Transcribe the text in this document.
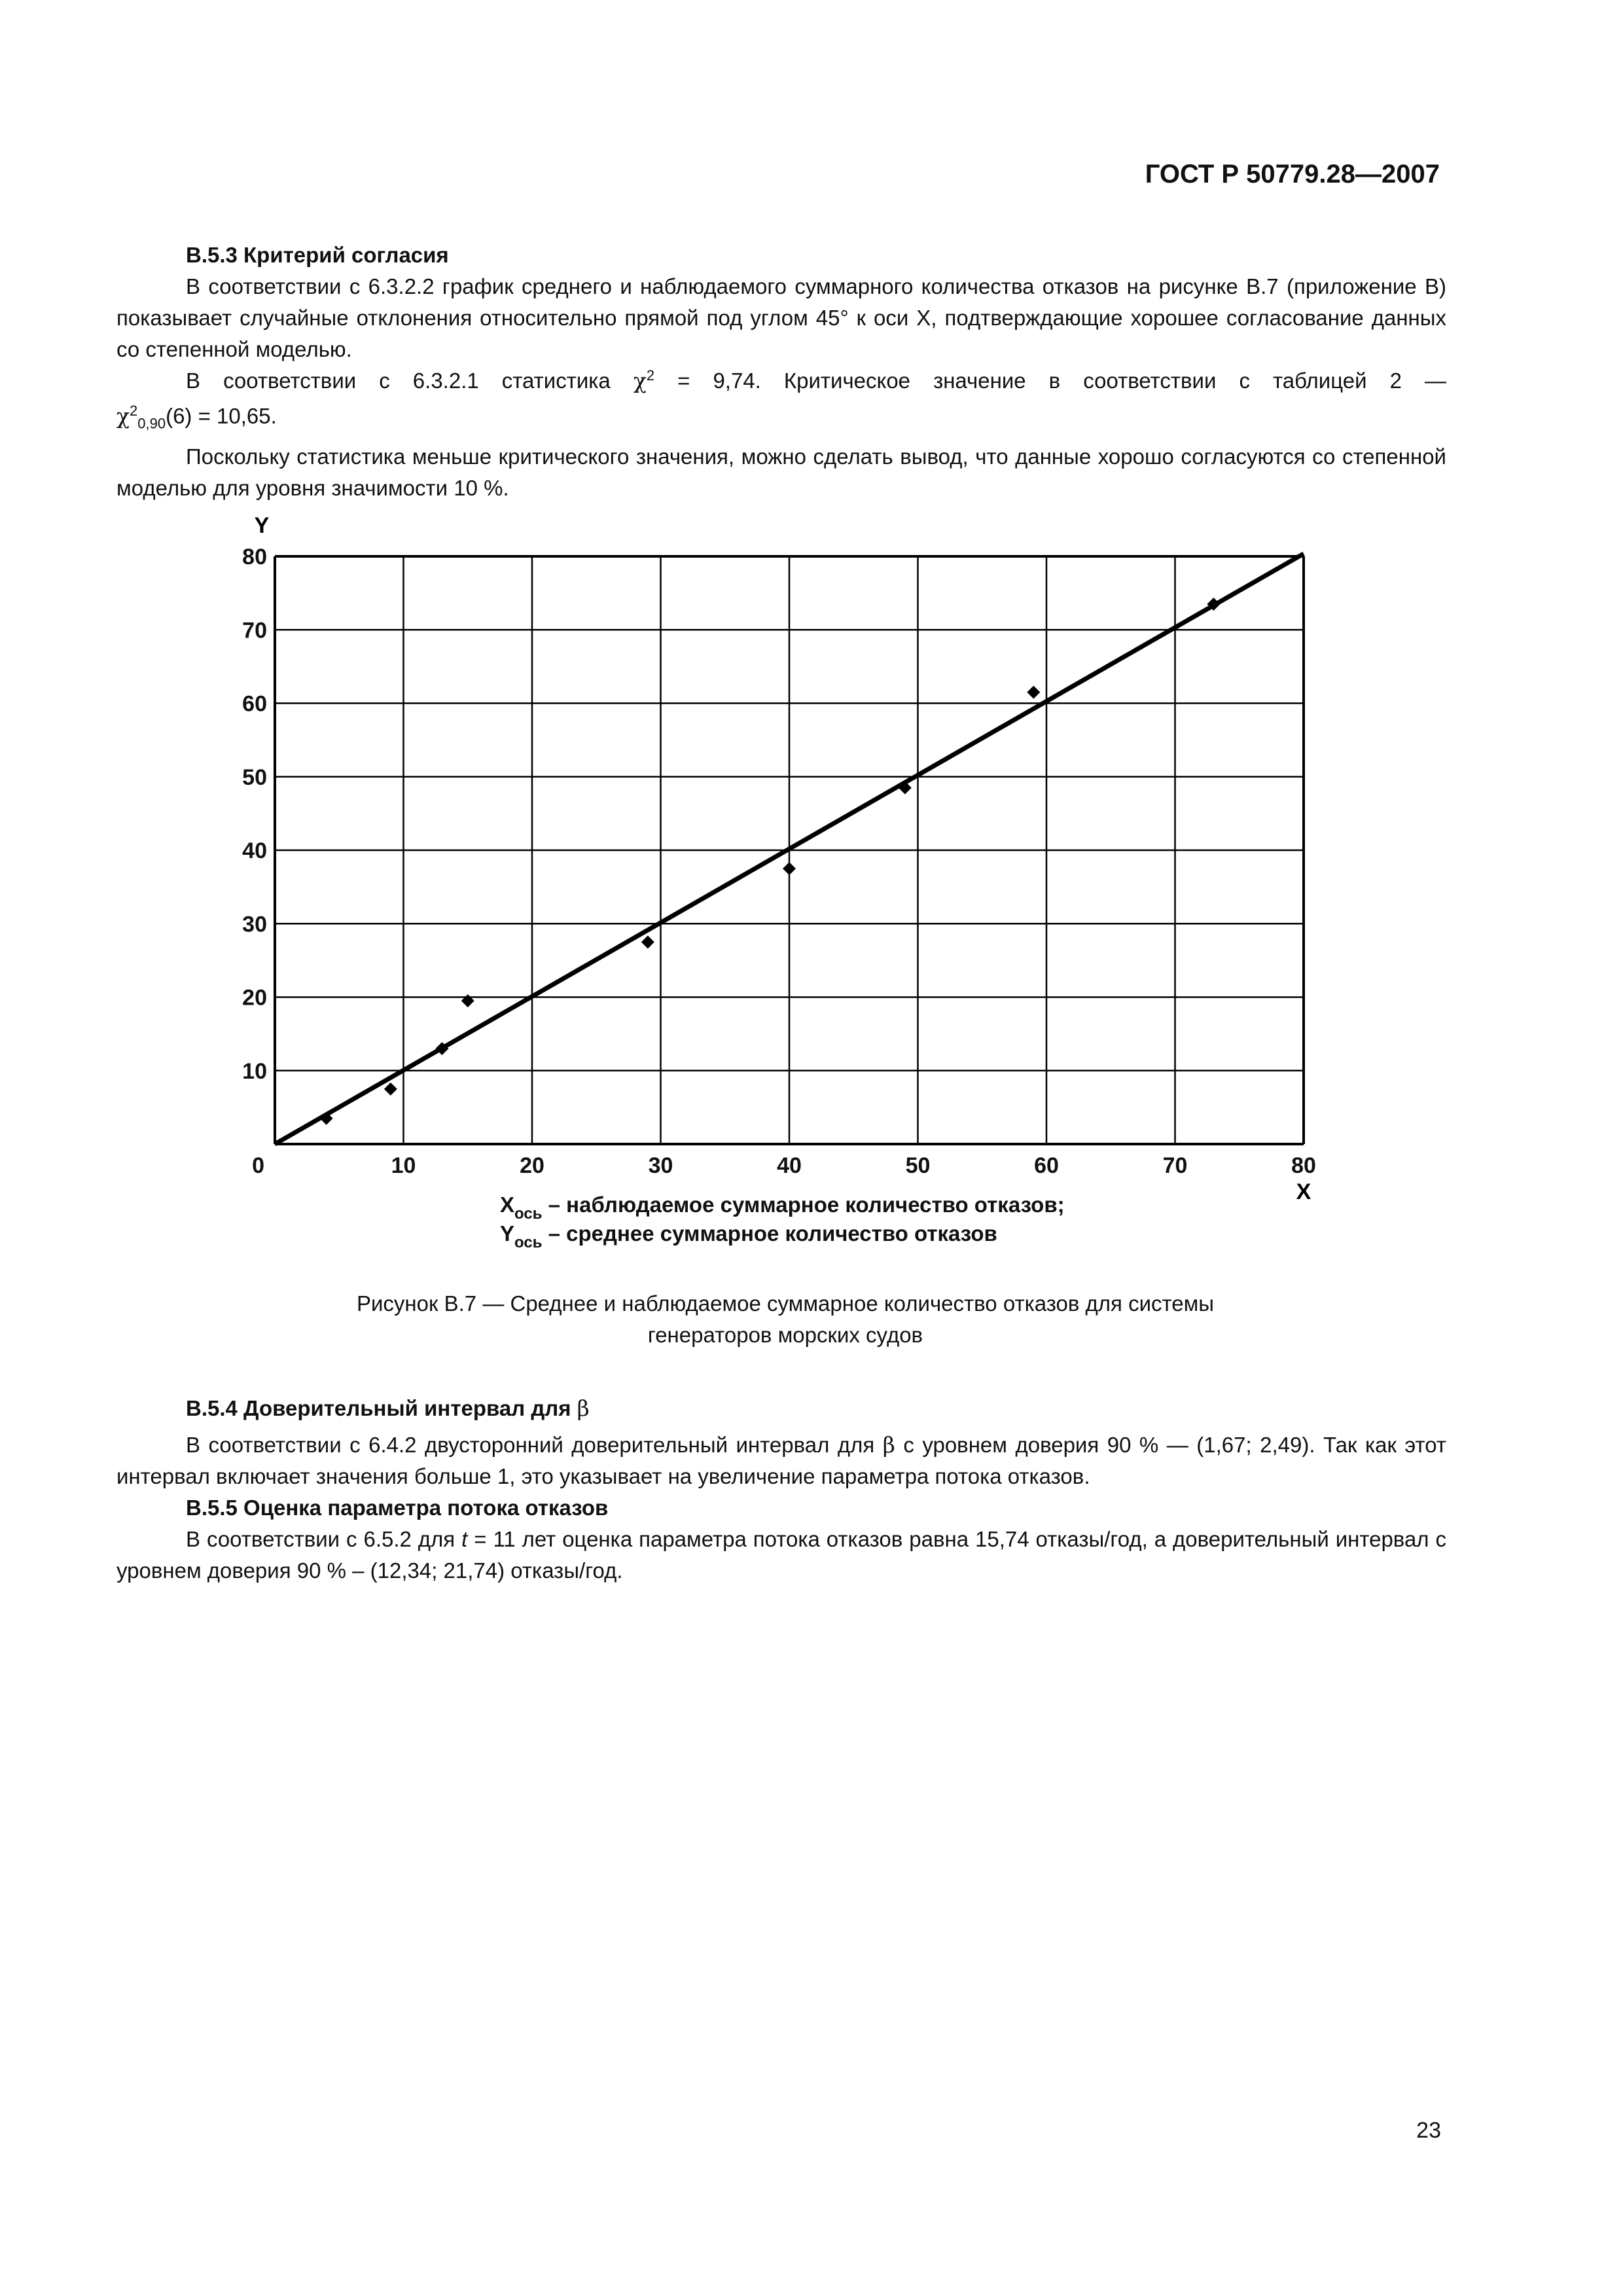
ГОСТ Р 50779.28—2007

В.5.3 Критерий согласия

В соответствии с 6.3.2.2 график среднего и наблюдаемого суммарного количества отказов на рисунке В.7 (приложение В) показывает случайные отклонения относительно прямой под углом 45° к оси X, подтверждающие хорошее согласование данных со степенной моделью.

В соответствии с 6.3.2.1 статистика $\chi^2 = 9,74$. Критическое значение в соответствии с таблицей 2 —

$\chi^2_{0,90}(6) = 10,65$.

Поскольку статистика меньше критического значения, можно сделать вывод, что данные хорошо согласуются со степенной моделью для уровня значимости 10 %.

0	10	20	30	40	50	60	70	80
10
20
30
40
50
60
70
80
X
Y
$X_{ось}$ – наблюдаемое суммарное количество отказов;
$Y_{ось}$ – среднее суммарное количество отказов
Рисунок В.7 — Среднее и наблюдаемое суммарное количество отказов для системы
генераторов морских судов

В.5.4 Доверительный интервал для β

В соответствии с 6.4.2 двусторонний доверительный интервал для β с уровнем доверия 90 % — (1,67; 2,49). Так как этот интервал включает значения больше 1, это указывает на увеличение параметра потока отказов.

В.5.5 Оценка параметра потока отказов

В соответствии с 6.5.2 для t = 11 лет оценка параметра потока отказов равна 15,74 отказы/год, а доверительный интервал с уровнем доверия 90 % – (12,34; 21,74) отказы/год.

23
